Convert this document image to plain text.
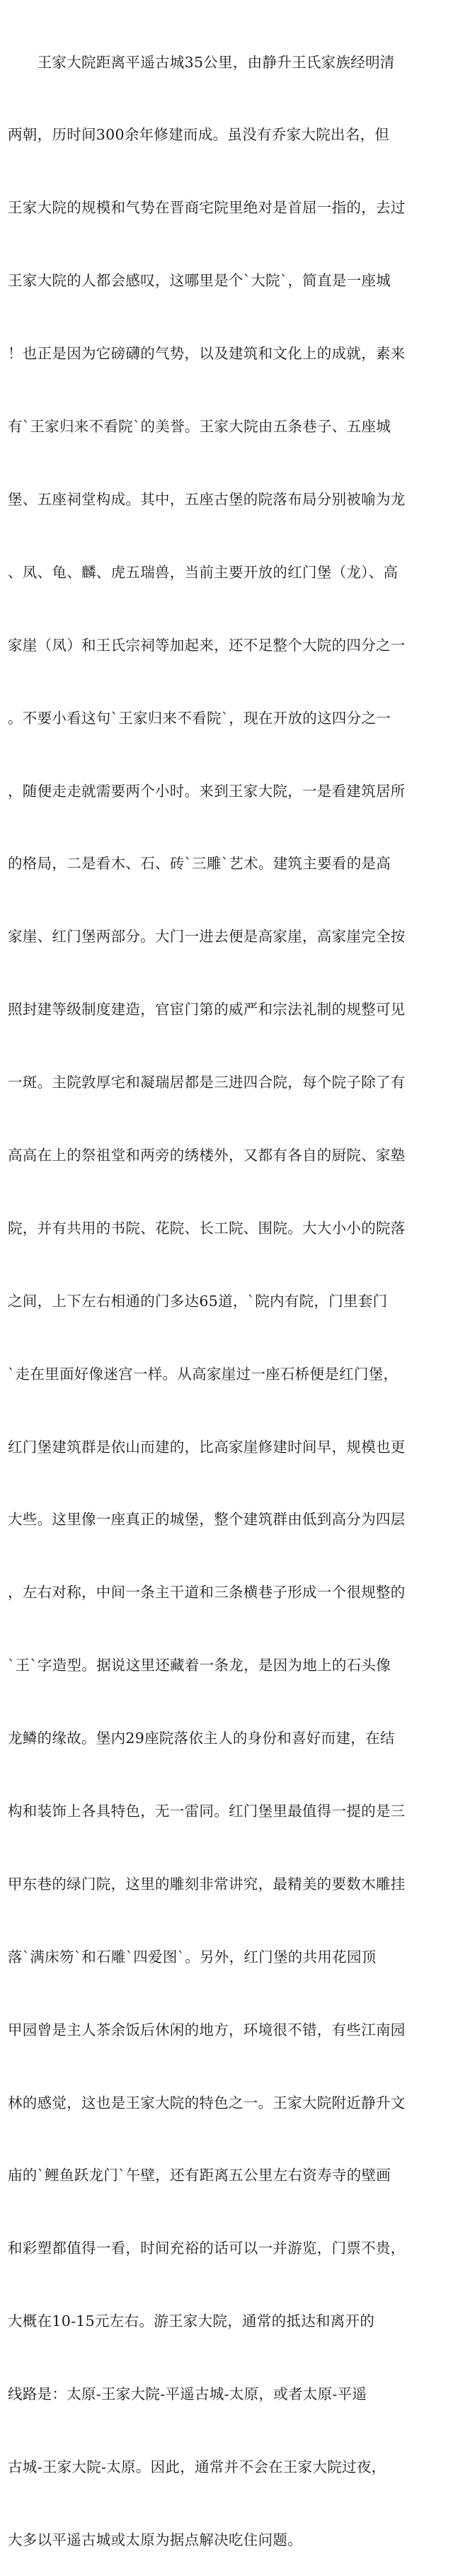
　　王家大院距离平遥古城35公里，由静升王氏家族经明清

两朝，历时间300余年修建而成。虽没有乔家大院出名，但

王家大院的规模和气势在晋商宅院里绝对是首屈一指的，去过

王家大院的人都会感叹，这哪里是个`大院`，简直是一座城

！也正是因为它磅礴的气势，以及建筑和文化上的成就，素来

有`王家归来不看院`的美誉。王家大院由五条巷子、五座城

堡、五座祠堂构成。其中，五座古堡的院落布局分别被喻为龙

、凤、龟、麟、虎五瑞兽，当前主要开放的红门堡（龙）、高

家崖（凤）和王氏宗祠等加起来，还不足整个大院的四分之一

。不要小看这句`王家归来不看院`，现在开放的这四分之一

，随便走走就需要两个小时。来到王家大院，一是看建筑居所

的格局，二是看木、石、砖`三雕`艺术。建筑主要看的是高

家崖、红门堡两部分。大门一进去便是高家崖，高家崖完全按

照封建等级制度建造，官宦门第的威严和宗法礼制的规整可见

一斑。主院敦厚宅和凝瑞居都是三进四合院，每个院子除了有

高高在上的祭祖堂和两旁的绣楼外，又都有各自的厨院、家塾

院，并有共用的书院、花院、长工院、围院。大大小小的院落

之间，上下左右相通的门多达65道，`院内有院，门里套门

`走在里面好像迷宫一样。从高家崖过一座石桥便是红门堡，

红门堡建筑群是依山而建的，比高家崖修建时间早，规模也更

大些。这里像一座真正的城堡，整个建筑群由低到高分为四层

，左右对称，中间一条主干道和三条横巷子形成一个很规整的

`王`字造型。据说这里还藏着一条龙，是因为地上的石头像

龙鳞的缘故。堡内29座院落依主人的身份和喜好而建，在结

构和装饰上各具特色，无一雷同。红门堡里最值得一提的是三

甲东巷的绿门院，这里的雕刻非常讲究，最精美的要数木雕挂

落`满床笏`和石雕`四爱图`。另外，红门堡的共用花园顶

甲园曾是主人茶余饭后休闲的地方，环境很不错，有些江南园

林的感觉，这也是王家大院的特色之一。王家大院附近静升文

庙的`鲤鱼跃龙门`午壁，还有距离五公里左右资寿寺的壁画

和彩塑都值得一看，时间充裕的话可以一并游览，门票不贵，

大概在10-15元左右。游王家大院，通常的抵达和离开的

线路是：太原-王家大院-平遥古城-太原，或者太原-平遥

古城-王家大院-太原。因此，通常并不会在王家大院过夜，

大多以平遥古城或太原为据点解决吃住问题。
